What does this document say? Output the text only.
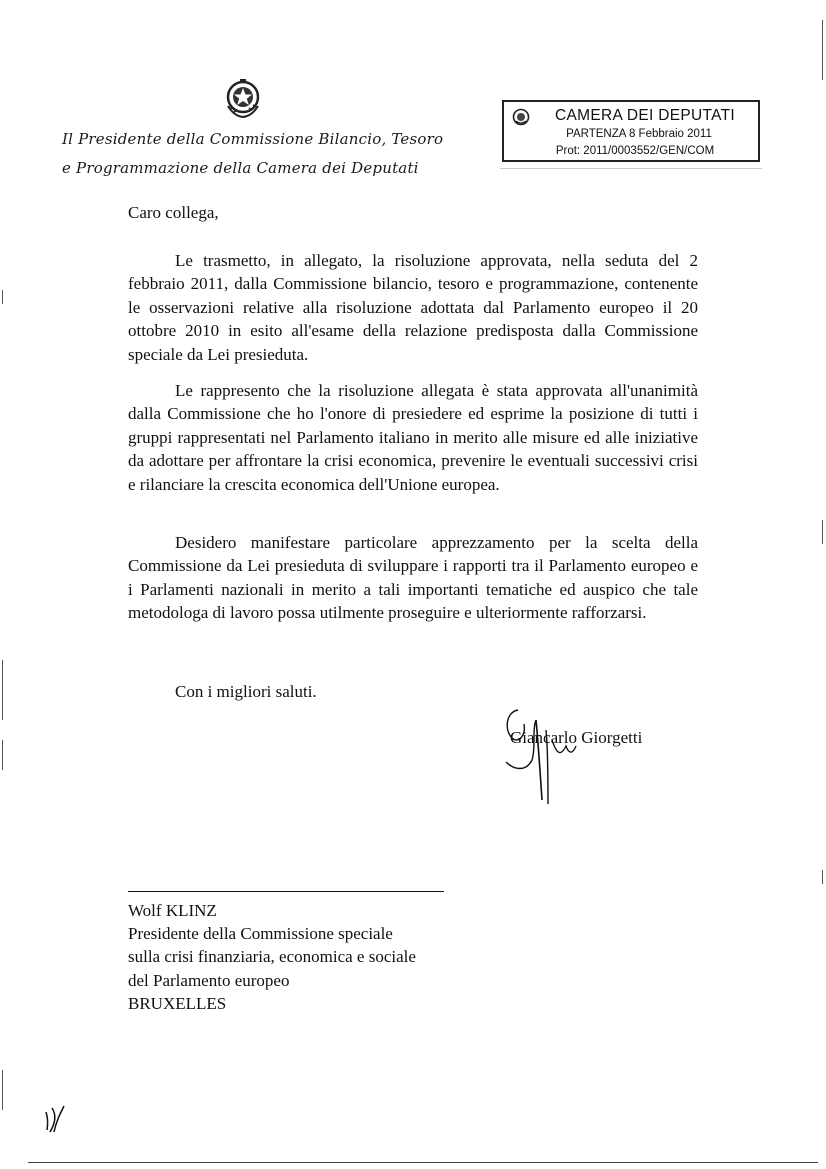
Il Presidente della Commissione Bilancio, Tesoro
e Programmazione della Camera dei Deputati
CAMERA DEI DEPUTATI
PARTENZA 8 Febbraio 2011
Prot: 2011/0003552/GEN/COM
Caro collega,

Le trasmetto, in allegato, la risoluzione approvata, nella seduta del 2 febbraio 2011, dalla Commissione bilancio, tesoro e programmazione, contenente le osservazioni relative alla risoluzione adottata dal Parlamento europeo il 20 ottobre 2010 in esito all'esame della relazione predisposta dalla Commissione speciale da Lei presieduta.

Le rappresento che la risoluzione allegata è stata approvata all'unanimità dalla Commissione che ho l'onore di presiedere ed esprime la posizione di tutti i gruppi rappresentati nel Parlamento italiano in merito alle misure ed alle iniziative da adottare per affrontare la crisi economica, prevenire le eventuali successivi crisi e rilanciare la crescita economica dell'Unione europea.

Desidero manifestare particolare apprezzamento per la scelta della Commissione da Lei presieduta di sviluppare i rapporti tra il Parlamento europeo e i Parlamenti nazionali in merito a tali importanti tematiche ed auspico che tale metodologa di lavoro possa utilmente proseguire e ulteriormente rafforzarsi.

Con i migliori saluti.
Giancarlo Giorgetti
Wolf KLINZ
Presidente della Commissione speciale
sulla crisi finanziaria, economica e sociale
del Parlamento europeo
BRUXELLES
